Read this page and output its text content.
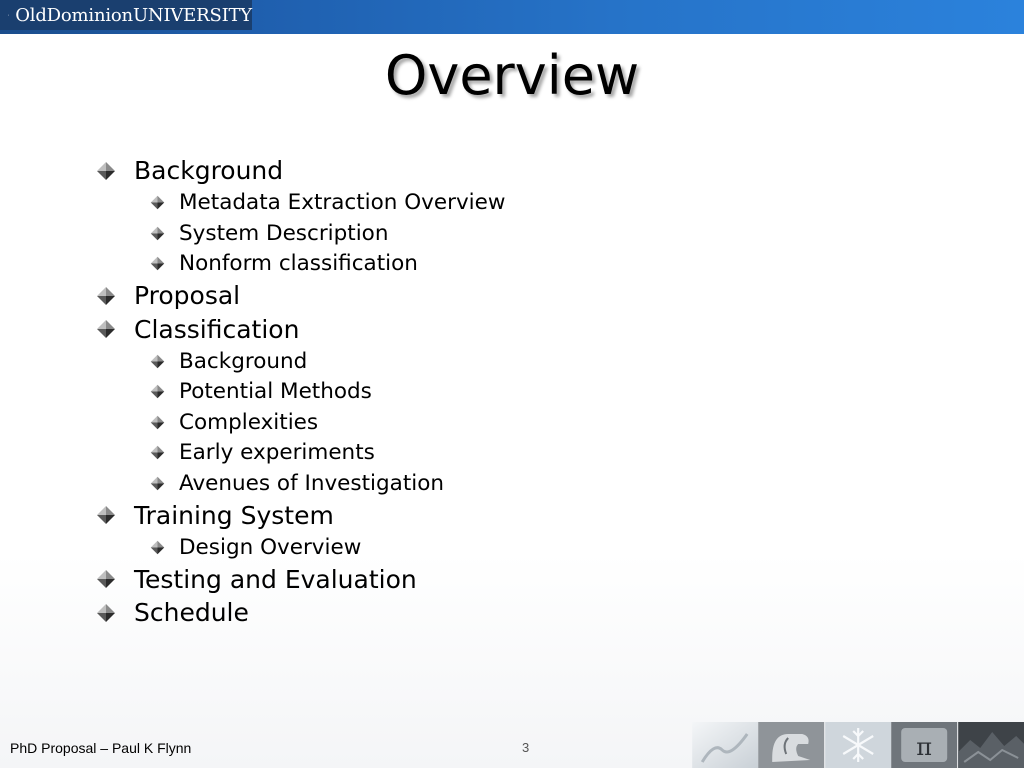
OldDominionUNIVERSITY
Overview
Background
Metadata Extraction Overview
System Description
Nonform classification
Proposal
Classification
Background
Potential Methods
Complexities
Early experiments
Avenues of Investigation
Training System
Design Overview
Testing and Evaluation
Schedule
PhD Proposal – Paul K Flynn	3	π
